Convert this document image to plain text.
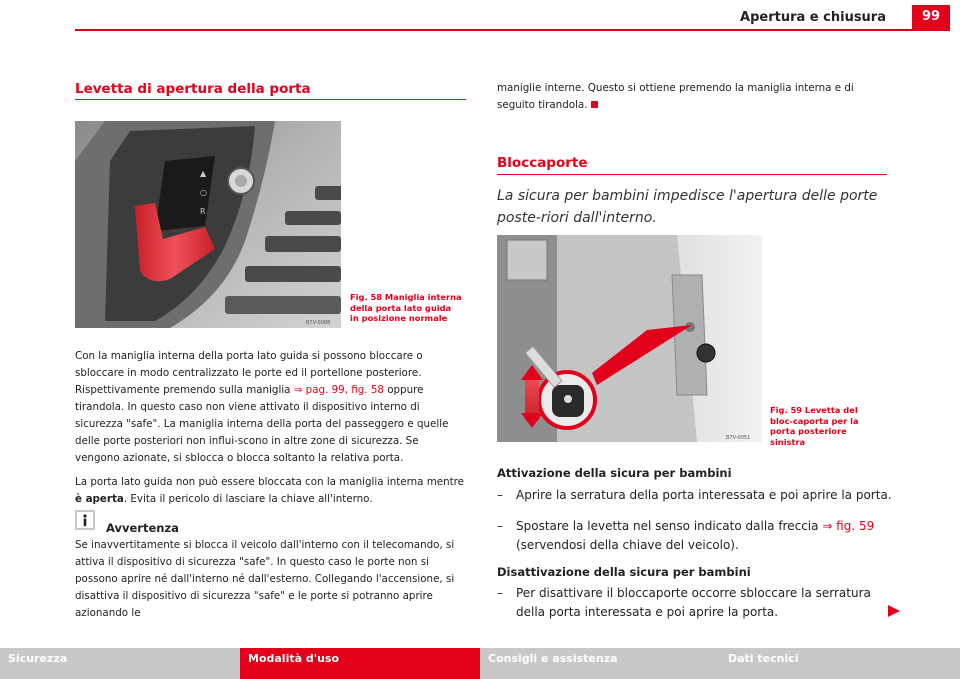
Apertura e chiusura	99
Levetta di apertura della porta
▲
○
R
B7V-0088
Fig. 58 Maniglia interna della porta lato guida in posizione normale

Con la maniglia interna della porta lato guida si possono bloccare o sbloccare in modo centralizzato le porte ed il portellone posteriore. Rispettivamente premendo sulla maniglia ⇒ pag. 99, fig. 58 oppure tirandola. In questo caso non viene attivato il dispositivo interno di sicurezza "safe". La maniglia interna della porta del passeggero e quelle delle porte posteriori non influi-scono in altre zone di sicurezza. Se vengono azionate, si sblocca o blocca soltanto la relativa porta.

La porta lato guida non può essere bloccata con la maniglia interna mentre è aperta. Evita il pericolo di lasciare la chiave all'interno.

Avvertenza
Se inavvertitamente si blocca il veicolo dall'interno con il telecomando, si attiva il dispositivo di sicurezza "safe". In questo caso le porte non si possono aprire né dall'interno né dall'esterno. Collegando l'accensione, si disattiva il dispositivo di sicurezza "safe" e le porte si potranno aprire azionando le
maniglie interne. Questo si ottiene premendo la maniglia interna e di seguito tirandola.
Bloccaporte
La sicura per bambini impedisce l'apertura delle porte poste-riori dall'interno.
B7V-0051
Fig. 59 Levetta del bloc-caporta per la porta posteriore sinistra
Attivazione della sicura per bambini
– Aprire la serratura della porta interessata e poi aprire la porta.
– Spostare la levetta nel senso indicato dalla freccia ⇒ fig. 59 (servendosi della chiave del veicolo).
Disattivazione della sicura per bambini
– Per disattivare il bloccaporte occorre sbloccare la serratura della porta interessata e poi aprire la porta.
Sicurezza	Modalità d'uso	Consigli e assistenza	Dati tecnici
